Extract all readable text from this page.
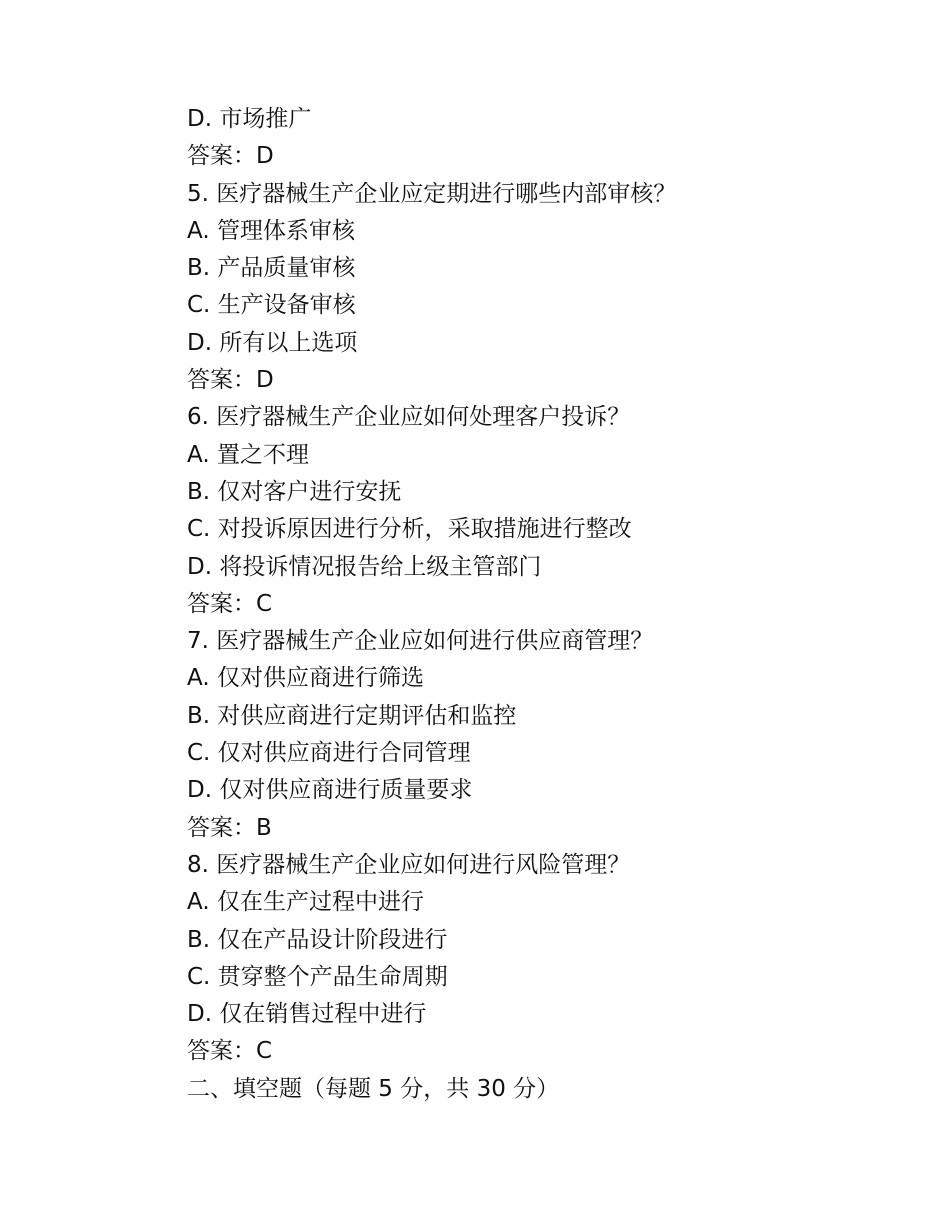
D. 市场推广
答案：D
5. 医疗器械生产企业应定期进行哪些内部审核？
A. 管理体系审核
B. 产品质量审核
C. 生产设备审核
D. 所有以上选项
答案：D
6. 医疗器械生产企业应如何处理客户投诉？
A. 置之不理
B. 仅对客户进行安抚
C. 对投诉原因进行分析，采取措施进行整改
D. 将投诉情况报告给上级主管部门
答案：C
7. 医疗器械生产企业应如何进行供应商管理？
A. 仅对供应商进行筛选
B. 对供应商进行定期评估和监控
C. 仅对供应商进行合同管理
D. 仅对供应商进行质量要求
答案：B
8. 医疗器械生产企业应如何进行风险管理？
A. 仅在生产过程中进行
B. 仅在产品设计阶段进行
C. 贯穿整个产品生命周期
D. 仅在销售过程中进行
答案：C
二、填空题（每题 5 分，共 30 分）
